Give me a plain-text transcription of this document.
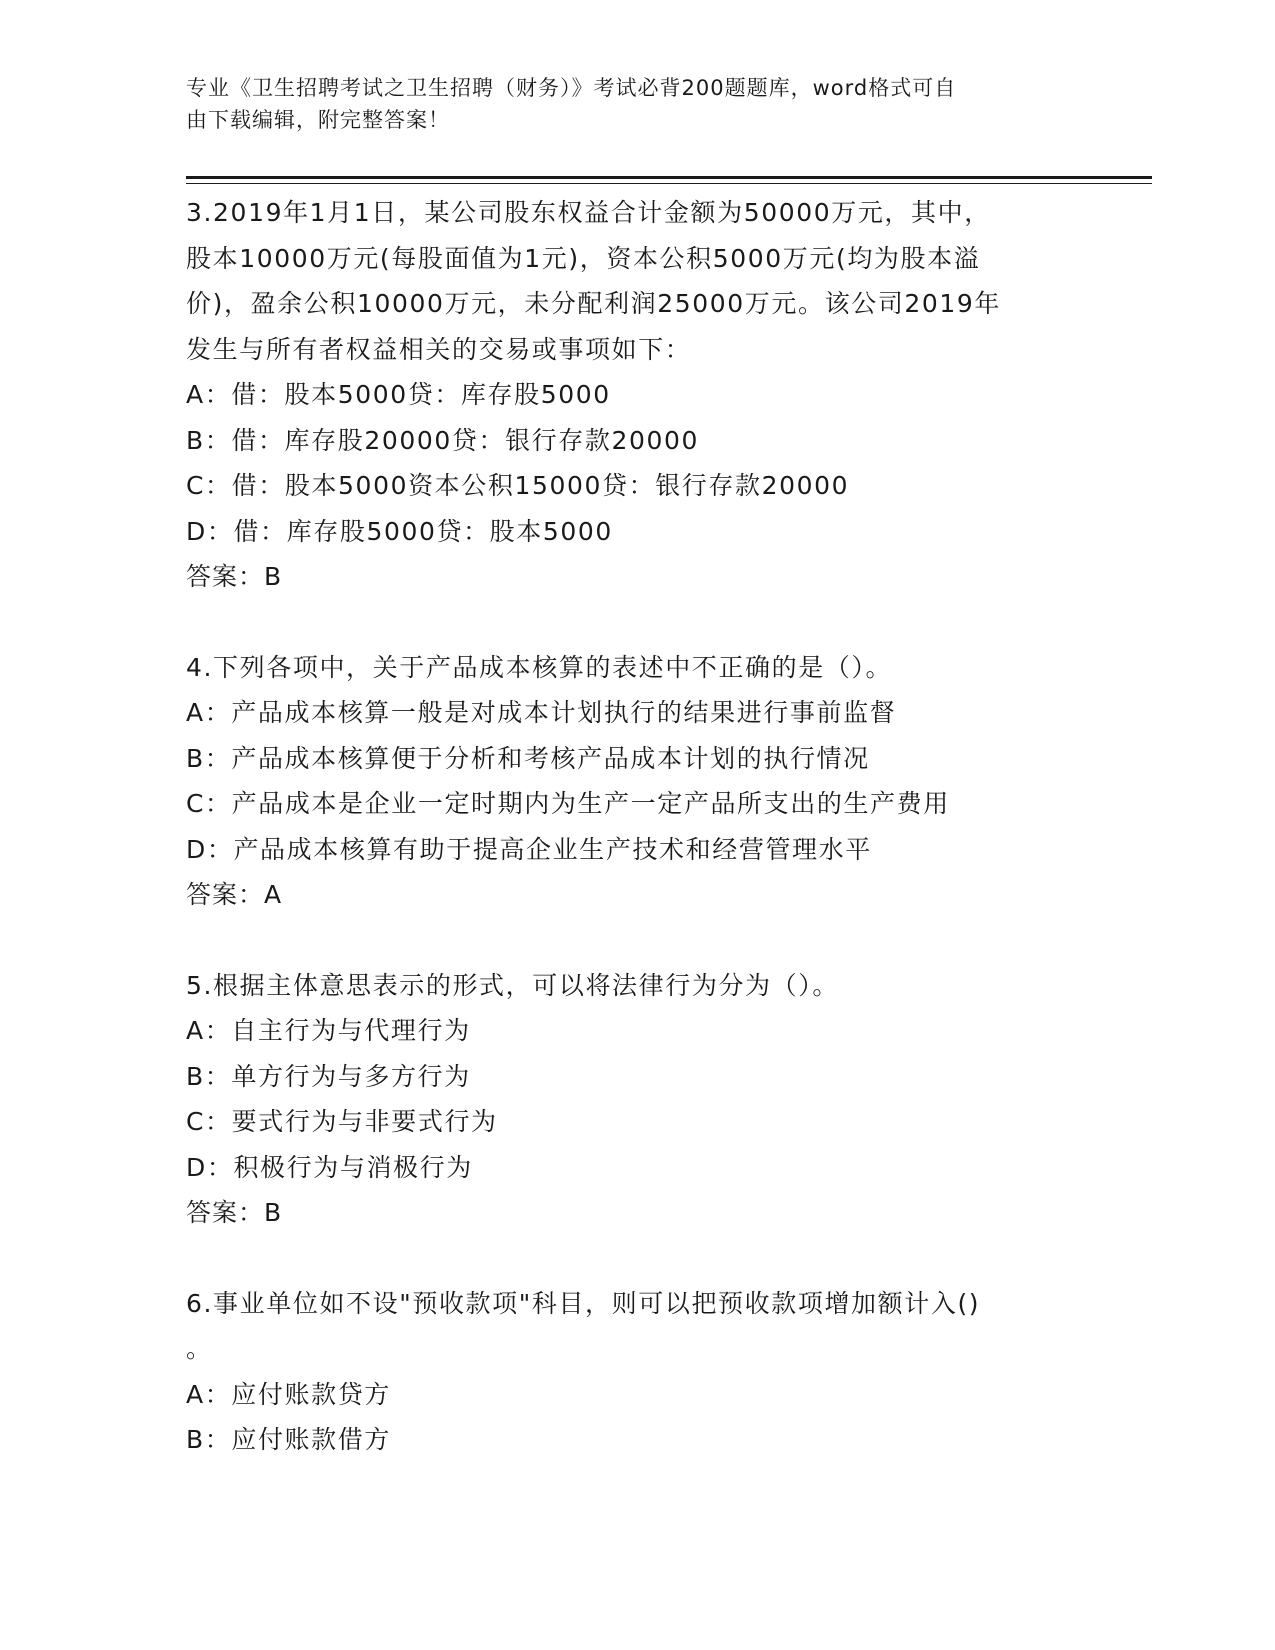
专业《卫生招聘考试之卫生招聘（财务）》考试必背200题题库，word格式可自
由下载编辑，附完整答案！
3.2019年1月1日，某公司股东权益合计金额为50000万元，其中，
股本10000万元(每股面值为1元)，资本公积5000万元(均为股本溢
价)，盈余公积10000万元，未分配利润25000万元。该公司2019年
发生与所有者权益相关的交易或事项如下：
A：借：股本5000贷：库存股5000
B：借：库存股20000贷：银行存款20000
C：借：股本5000资本公积15000贷：银行存款20000
D：借：库存股5000贷：股本5000
答案：B
4.下列各项中，关于产品成本核算的表述中不正确的是（）。
A：产品成本核算一般是对成本计划执行的结果进行事前监督
B：产品成本核算便于分析和考核产品成本计划的执行情况
C：产品成本是企业一定时期内为生产一定产品所支出的生产费用
D：产品成本核算有助于提高企业生产技术和经营管理水平
答案：A
5.根据主体意思表示的形式，可以将法律行为分为（）。
A：自主行为与代理行为
B：单方行为与多方行为
C：要式行为与非要式行为
D：积极行为与消极行为
答案：B
6.事业单位如不设"预收款项"科目，则可以把预收款项增加额计入()
。
A：应付账款贷方
B：应付账款借方
